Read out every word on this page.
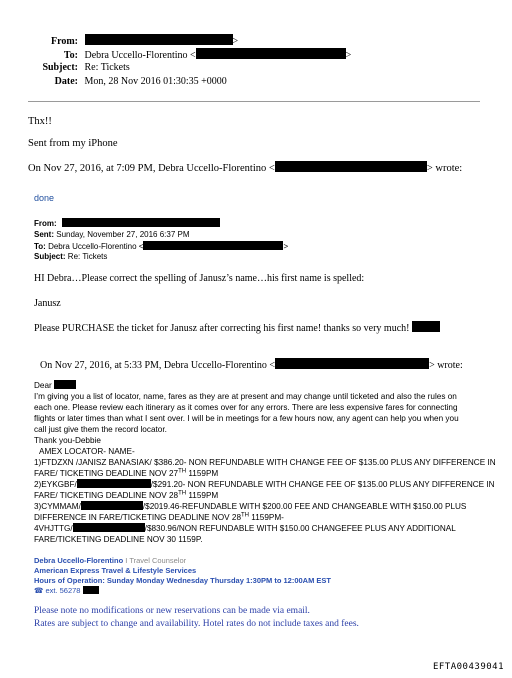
From:	>
To: Debra Uccello-Florentino <	>
Subject: Re: Tickets
Date: Mon, 28 Nov 2016 01:30:35 +0000
Thx!!
Sent from my iPhone
On Nov 27, 2016, at 7:09 PM, Debra Uccello-Florentino <	> wrote:
done
From:
Sent: Sunday, November 27, 2016 6:37 PM
To: Debra Uccello-Florentino <	>
Subject: Re: Tickets
HI Debra…Please correct the spelling of Janusz’s name…his first name is spelled:
Janusz
Please PURCHASE the ticket for Janusz after correcting his first name! thanks so very much!
On Nov 27, 2016, at 5:33 PM, Debra Uccello-Florentino <	> wrote:
Dear
I’m giving you a list of locator, name, fares as they are at present and may change until ticketed and also the rules on
each one. Please review each itinerary as it comes over for any errors. There are less expensive fares for connecting
flights or later times than what I sent over. I will be in meetings for a few hours now, any agent can help you when you
call just give them the record locator.
Thank you-Debbie
AMEX LOCATOR- NAME-
1)FTDZXN /JANISZ BANASIAK/ $386.20- NON REFUNDABLE WITH CHANGE FEE OF $135.00 PLUS ANY DIFFERENCE IN
FARE/ TICKETING DEADLINE NOV 27TH 1159PM
2)EYKGBF/	/$291.20- NON REFUNDABLE WITH CHANGE FEE OF $135.00 PLUS ANY DIFFERENCE IN
FARE/ TICKETING DEADLINE NOV 28TH 1159PM
3)CYMMAM/	/$2019.46-REFUNDABLE WITH $200.00 FEE AND CHANGEABLE WITH $150.00 PLUS
DIFFERENCE IN FARE/TICKETING DEADLINE NOV 28TH 1159PM-
4VHJTTG/	/$830.96/NON REFUNDABLE WITH $150.00 CHANGEFEE PLUS ANY ADDITIONAL
FARE/TICKETING DEADLINE NOV 30 1159P.
Debra Uccello-Florentino I Travel Counselor
American Express Travel & Lifestyle Services
Hours of Operation: Sunday Monday Wednesday Thursday 1:30PM to 12:00AM EST
☎ ext. 56278
Please note no modifications or new reservations can be made via email.
Rates are subject to change and availability. Hotel rates do not include taxes and fees.
EFTA00439041
